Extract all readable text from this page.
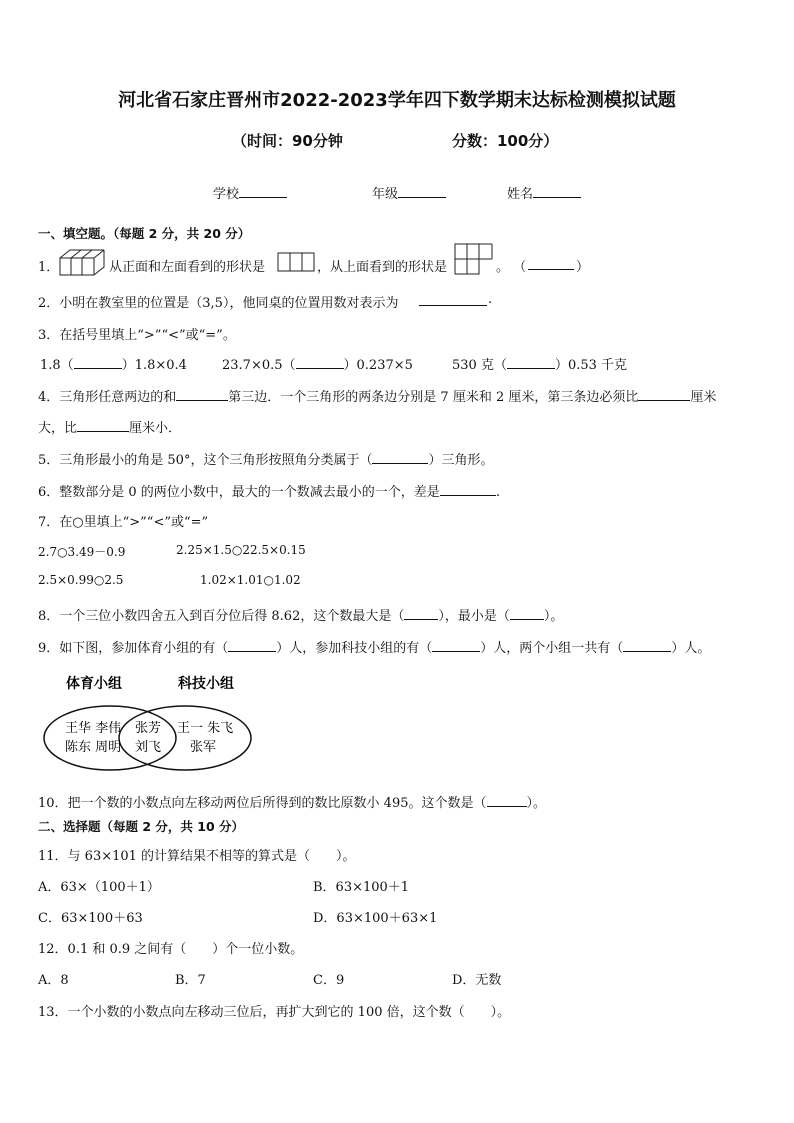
河北省石家庄晋州市2022-2023学年四下数学期末达标检测模拟试题
（时间：90分钟	分数：100分）
学校	年级	姓名
一、填空题。（每题 2 分，共 20 分）
1．	从正面和左面看到的形状是	，从上面看到的形状是	。 （	）
2．小明在教室里的位置是（3,5），他同桌的位置用数对表示为	.
3．在括号里填上“>”“<”或“=”。
1.8（	）1.8×0.4	23.7×0.5（	）0.237×5	530 克（	）0.53 千克
4．三角形任意两边的和	第三边．一个三角形的两条边分别是 7 厘米和 2 厘米，第三条边必须比	厘米
大，比	厘米小．
5．三角形最小的角是 50°，这个三角形按照角分类属于（	）三角形。
6．整数部分是 0 的两位小数中，最大的一个数减去最小的一个，差是	.
7．在○里填上“>”“<”或“=”
2.7○3.49－0.9	2.25×1.5○22.5×0.15
2.5×0.99○2.5	1.02×1.01○1.02
8．一个三位小数四舍五入到百分位后得 8.62，这个数最大是（	），最小是（	）。
9．如下图，参加体育小组的有（	）人，参加科技小组的有（	）人，两个小组一共有（	）人。
体育小组	科技小组
王华 李伟
陈东 周明
张芳
刘飞
王一 朱飞
张军
10．把一个数的小数点向左移动两位后所得到的数比原数小 495。这个数是（	）。
二、选择题（每题 2 分，共 10 分）
11．与 63×101 的计算结果不相等的算式是（　　）。
A．63×（100＋1）	B．63×100＋1
C．63×100＋63	D．63×100＋63×1
12．0.1 和 0.9 之间有（　　）个一位小数。
A．8	B．7	C．9	D．无数
13．一个小数的小数点向左移动三位后，再扩大到它的 100 倍，这个数（　　）。
